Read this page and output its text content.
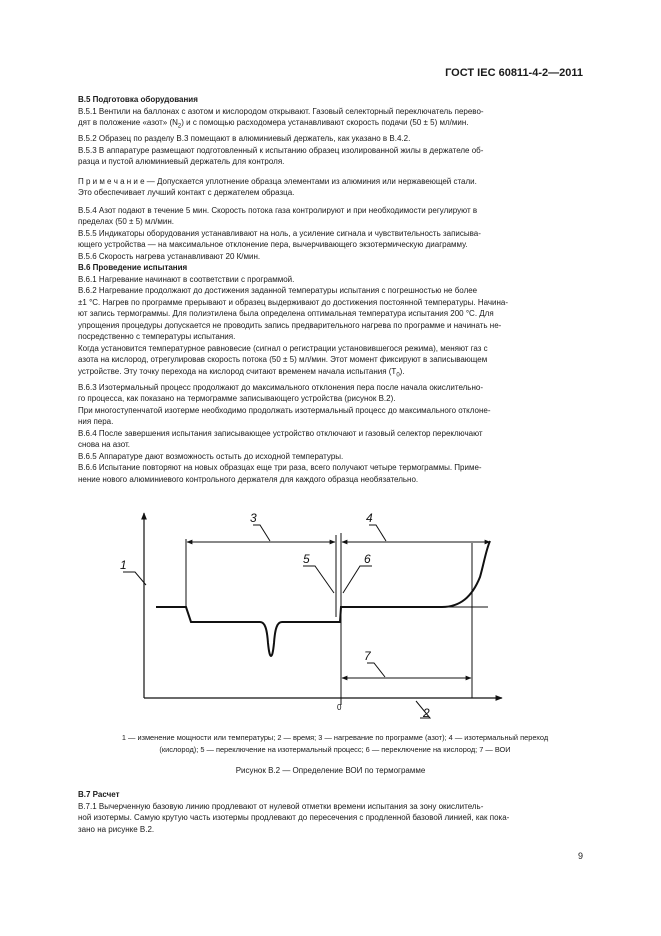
ГОСТ IEC 60811-4-2—2011
В.5 Подготовка оборудования
В.5.1 Вентили на баллонах с азотом и кислородом открывают. Газовый селекторный переключатель перево-
дят в положение «азот» $(N_2)$ и с помощью расходомера устанавливают скорость подачи (50 ± 5) мл/мин.
В.5.2 Образец по разделу В.3 помещают в алюминиевый держатель, как указано в В.4.2.
В.5.3 В аппаратуре размещают подготовленный к испытанию образец изолированной жилы в держателе об-
разца и пустой алюминиевый держатель для контроля.
П р и м е ч а н и е — Допускается уплотнение образца элементами из алюминия или нержавеющей стали.
Это обеспечивает лучший контакт с держателем образца.
В.5.4 Азот подают в течение 5 мин. Скорость потока газа контролируют и при необходимости регулируют в
пределах (50 ± 5) мл/мин.
В.5.5 Индикаторы оборудования устанавливают на ноль, а усиление сигнала и чувствительность записыва-
ющего устройства — на максимальное отклонение пера, вычерчивающего экзотермическую диаграмму.
В.5.6 Скорость нагрева устанавливают 20 К/мин.
В.6 Проведение испытания
В.6.1 Нагревание начинают в соответствии с программой.
В.6.2 Нагревание продолжают до достижения заданной температуры испытания с погрешностью не более
±1 °С. Нагрев по программе прерывают и образец выдерживают до достижения постоянной температуры. Начина-
ют запись термограммы. Для полиэтилена была определена оптимальная температура испытания 200 °С. Для
упрощения процедуры допускается не проводить запись предварительного нагрева по программе и начинать не-
посредственно с температуры испытания.
Когда установится температурное равновесие (сигнал о регистрации установившегося режима), меняют газ с
азота на кислород, отрегулировав скорость потока (50 ± 5) мл/мин. Этот момент фиксируют в записывающем
устройстве. Эту точку перехода на кислород считают временем начала испытания $(T_0)$.
В.6.3 Изотермальный процесс продолжают до максимального отклонения пера после начала окислительно-
го процесса, как показано на термограмме записывающего устройства (рисунок В.2).
При многоступенчатой изотерме необходимо продолжать изотермальный процесс до максимального отклоне-
ния пера.
В.6.4 После завершения испытания записывающее устройство отключают и газовый селектор переключают
снова на азот.
В.6.5 Аппаратуре дают возможность остыть до исходной температуры.
В.6.6 Испытание повторяют на новых образцах еще три раза, всего получают четыре термограммы. Приме-
нение нового алюминиевого контрольного держателя для каждого образца необязательно.
1
3	4
5	6
7
2
0
1 — изменение мощности или температуры; 2 — время; 3 — нагревание по программе (азот); 4 — изотермальный переход
(кислород); 5 — переключение на изотермальный процесс; 6 — переключение на кислород; 7 — ВОИ
Рисунок В.2 — Определение ВОИ по термограмме
В.7 Расчет
В.7.1 Вычерченную базовую линию продлевают от нулевой отметки времени испытания за зону окислитель-
ной изотермы. Самую крутую часть изотермы продлевают до пересечения с продленной базовой линией, как пока-
зано на рисунке В.2.
9
